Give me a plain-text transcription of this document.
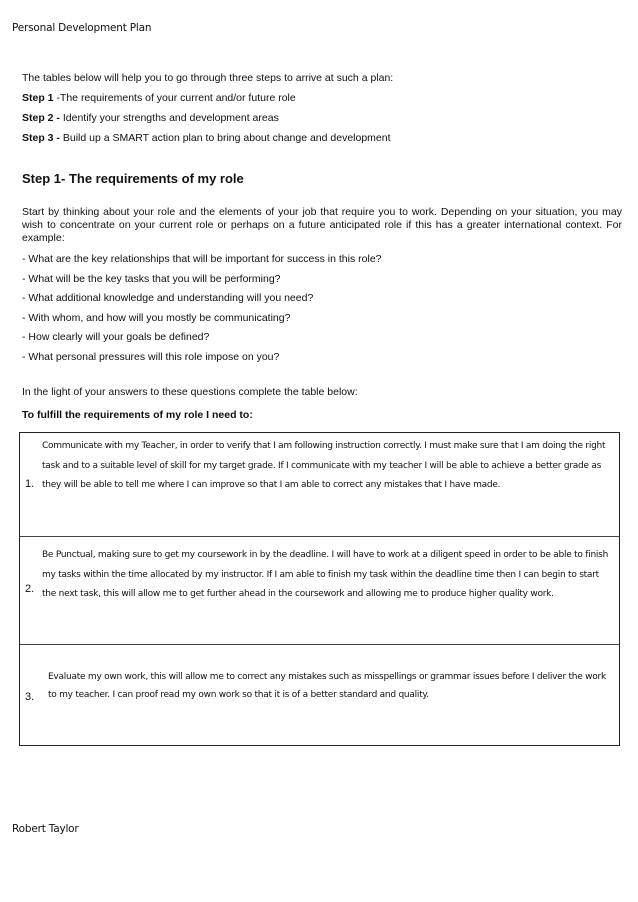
Personal Development Plan
The tables below will help you to go through three steps to arrive at such a plan:
Step 1 -The requirements of your current and/or future role
Step 2 - Identify your strengths and development areas
Step 3 - Build up a SMART action plan to bring about change and development
Step 1- The requirements of my role
Start by thinking about your role and the elements of your job that require you to work. Depending on your situation, you may wish to concentrate on your current role or perhaps on a future anticipated role if this has a greater international context. For example:
- What are the key relationships that will be important for success in this role?
- What will be the key tasks that you will be performing?
- What additional knowledge and understanding will you need?
- With whom, and how will you mostly be communicating?
- How clearly will your goals be defined?
- What personal pressures will this role impose on you?
In the light of your answers to these questions complete the table below:
To fulfill the requirements of my role I need to:
1.
Communicate with my Teacher, in order to verify that I am following instruction correctly. I must make sure that I am doing the right task and to a suitable level of skill for my target grade. If I communicate with my teacher I will be able to achieve a better grade as they will be able to tell me where I can improve so that I am able to correct any mistakes that I have made.
2.
Be Punctual, making sure to get my coursework in by the deadline. I will have to work at a diligent speed in order to be able to finish my tasks within the time allocated by my instructor. If I am able to finish my task within the deadline time then I can begin to start the next task, this will allow me to get further ahead in the coursework and allowing me to produce higher quality work.
3.
Evaluate my own work, this will allow me to correct any mistakes such as misspellings or grammar issues before I deliver the work to my teacher. I can proof read my own work so that it is of a better standard and quality.
Robert Taylor
